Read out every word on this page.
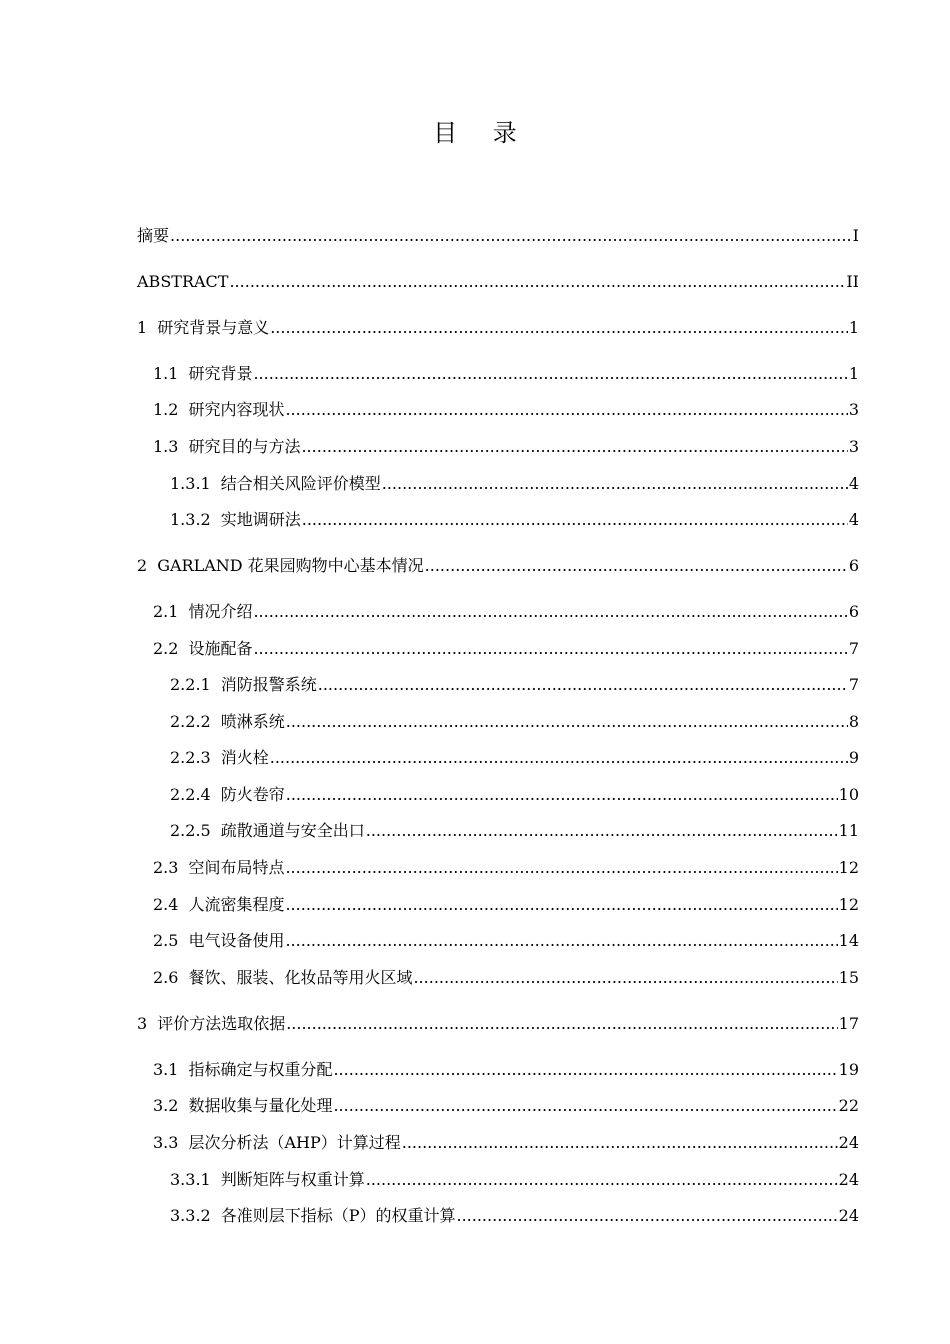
目 录
摘要 .....	I
ABSTRACT .....	II
1 研究背景与意义 .....	1
1.1 研究背景 .....	1
1.2 研究内容现状 .....	3
1.3 研究目的与方法 .....	3
1.3.1 结合相关风险评价模型 .....	4
1.3.2 实地调研法 .....	4
2 GARLAND 花果园购物中心基本情况 .....	6
2.1 情况介绍 .....	6
2.2 设施配备 .....	7
2.2.1 消防报警系统 .....	7
2.2.2 喷淋系统 .....	8
2.2.3 消火栓 .....	9
2.2.4 防火卷帘 .....	10
2.2.5 疏散通道与安全出口 .....	11
2.3 空间布局特点 .....	12
2.4 人流密集程度 .....	12
2.5 电气设备使用 .....	14
2.6 餐饮、服装、化妆品等用火区域 .....	15
3 评价方法选取依据 .....	17
3.1 指标确定与权重分配 .....	19
3.2 数据收集与量化处理 .....	22
3.3 层次分析法（AHP）计算过程 .....	24
3.3.1 判断矩阵与权重计算 .....	24
3.3.2 各准则层下指标（P）的权重计算 .....	24
